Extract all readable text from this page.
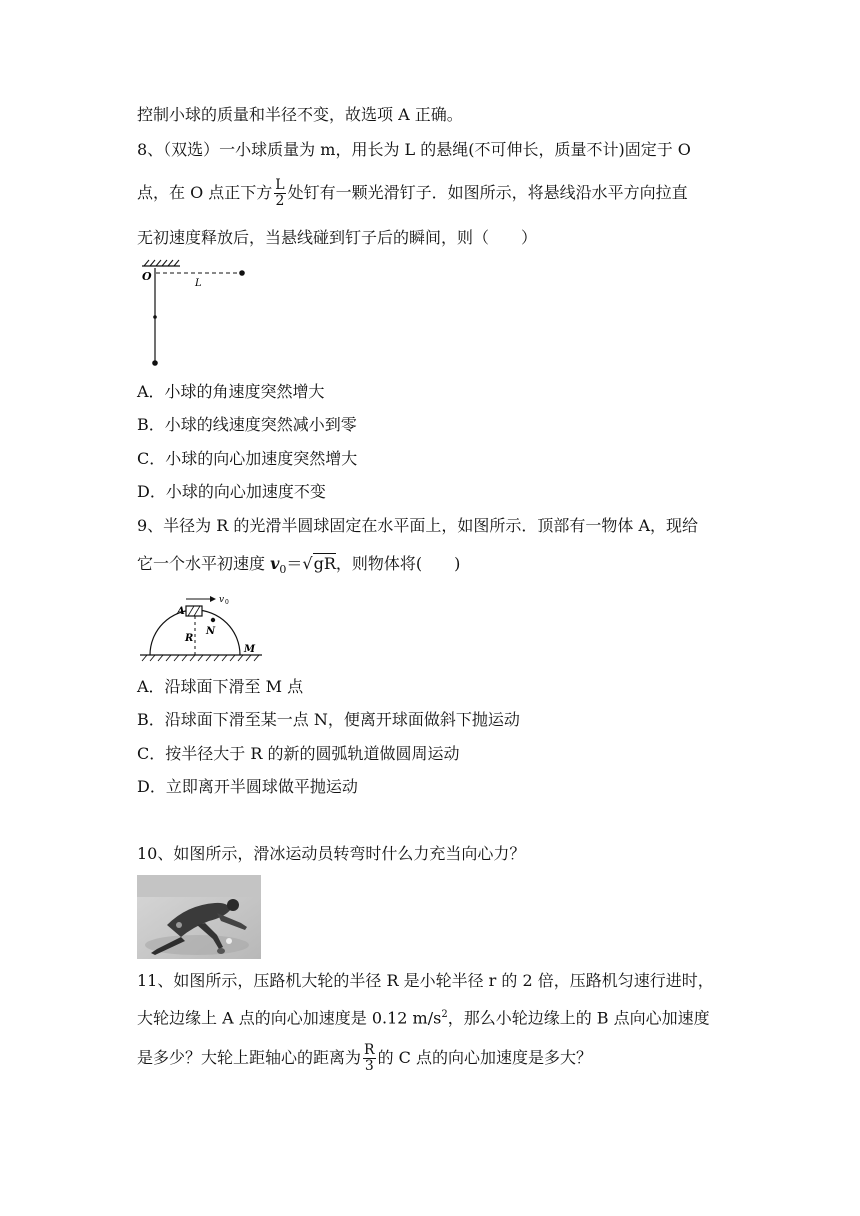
控制小球的质量和半径不变，故选项 A 正确。
8、（双选）一小球质量为 m，用长为 L 的悬绳(不可伸长，质量不计)固定于 O
点，在 O 点正下方 $\frac{L}{2}$ 处钉有一颗光滑钉子．如图所示，将悬线沿水平方向拉直
无初速度释放后，当悬线碰到钉子后的瞬间，则（　　）
O
L
A．小球的角速度突然增大
B．小球的线速度突然减小到零
C．小球的向心加速度突然增大
D．小球的向心加速度不变
9、半径为 R 的光滑半圆球固定在水平面上，如图所示．顶部有一物体 A，现给
它一个水平初速度 $v_0=√gR$，则物体将(　　)
v 0
A
N
R
M
A．沿球面下滑至 M 点
B．沿球面下滑至某一点 N，便离开球面做斜下抛运动
C．按半径大于 R 的新的圆弧轨道做圆周运动
D．立即离开半圆球做平抛运动
10、如图所示，滑冰运动员转弯时什么力充当向心力？
11、如图所示，压路机大轮的半径 R 是小轮半径 r 的 2 倍，压路机匀速行进时，
大轮边缘上 A 点的向心加速度是 0.12 $m/s^2$，那么小轮边缘上的 B 点向心加速度
是多少？大轮上距轴心的距离为 $\frac{R}{3}$ 的 C 点的向心加速度是多大？
